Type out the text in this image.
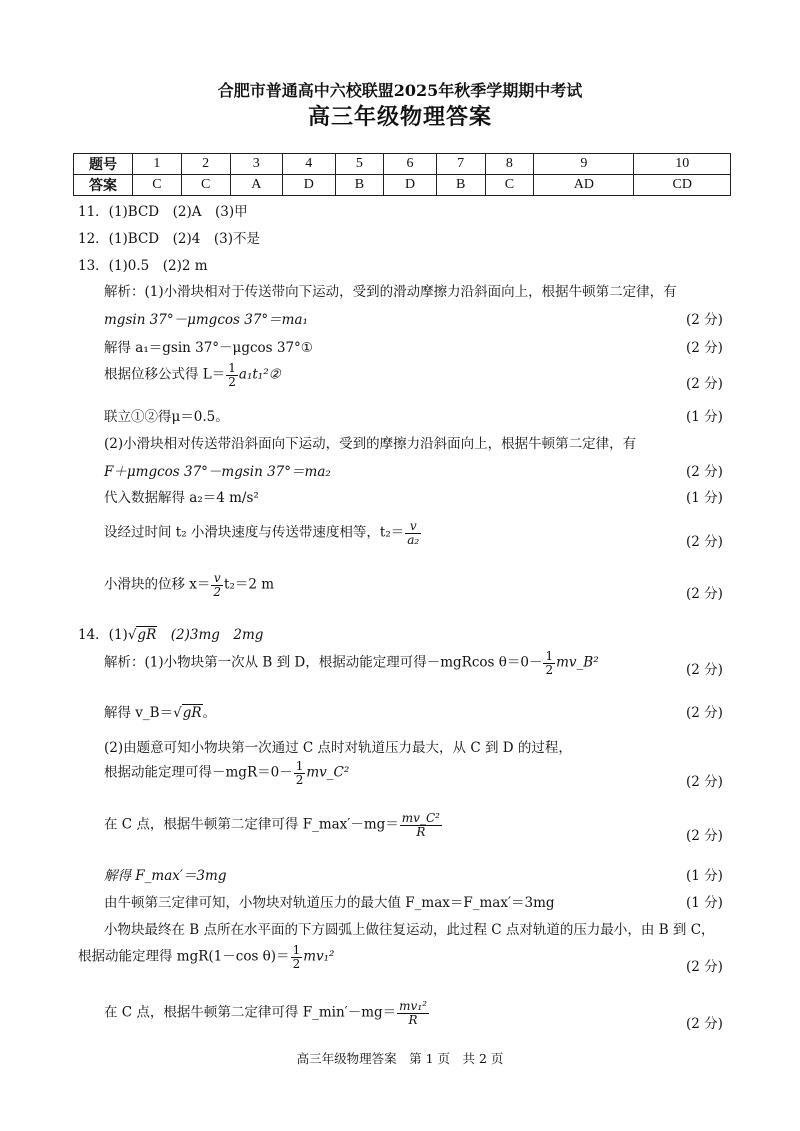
合肥市普通高中六校联盟2025年秋季学期期中考试
高三年级物理答案
题号	1	2	3	4	5	6	7	8	9	10
答案	C	C	A	D	B	D	B	C	AD	CD
11．(1)BCD　(2)A　(3)甲
12．(1)BCD　(2)4　(3)不是
13．(1)0.5　(2)2 m
解析：(1)小滑块相对于传送带向下运动，受到的滑动摩擦力沿斜面向上，根据牛顿第二定律，有
mgsin 37°－μmgcos 37°＝ma₁	(2 分)
解得 a₁＝gsin 37°－μgcos 37°①	(2 分)
根据位移公式得 $L= \frac{1}{2}$ a₁t₁²②
(2 分)
联立①②得μ＝0.5。	(1 分)
(2)小滑块相对传送带沿斜面向下运动，受到的摩擦力沿斜面向上，根据牛顿第二定律，有
F＋μmgcos 37°－mgsin 37°＝ma₂	(2 分)
代入数据解得 a₂＝4 m/s²	(1 分)
设经过时间 t₂ 小滑块速度与传送带速度相等，$t_2= \frac{v}{\text{a₂}}$	(2 分)
小滑块的位移 $x= \frac{v}{2} t_2=2$ m
(2 分)
14．(1)√gR　(2)3mg　2mg
解析：(1)小物块第一次从 B 到 D，根据动能定理可得－mgRcos $\theta=0- \frac{1}{2}$ mv_B²	(2 分)
解得 v_B＝√gR。	(2 分)
(2)由题意可知小物块第一次通过 C 点时对轨道压力最大，从 C 到 D 的过程，
根据动能定理可得$-mgR=0- \frac{1}{2}$ mv_C²
(2 分)
在 C 点，根据牛顿第二定律可得 F_max′－mg＝ $\frac{\text{mv\_C²}}{R}$	(2 分)
解得 F_max′＝3mg	(1 分)
由牛顿第三定律可知，小物块对轨道压力的最大值 F_max＝F_max′＝3mg	(1 分)
小物块最终在 B 点所在水平面的下方圆弧上做往复运动，此过程 C 点对轨道的压力最小，由 B 到 C，
根据动能定理得 mgR(1－cos $\theta)= \frac{1}{2} mv_1^2$
(2 分)
在 C 点，根据牛顿第二定律可得 F_min′－mg＝ $\frac{\text{mv₁²}}{R}$	(2 分)
高三年级物理答案　第 1 页　共 2 页
